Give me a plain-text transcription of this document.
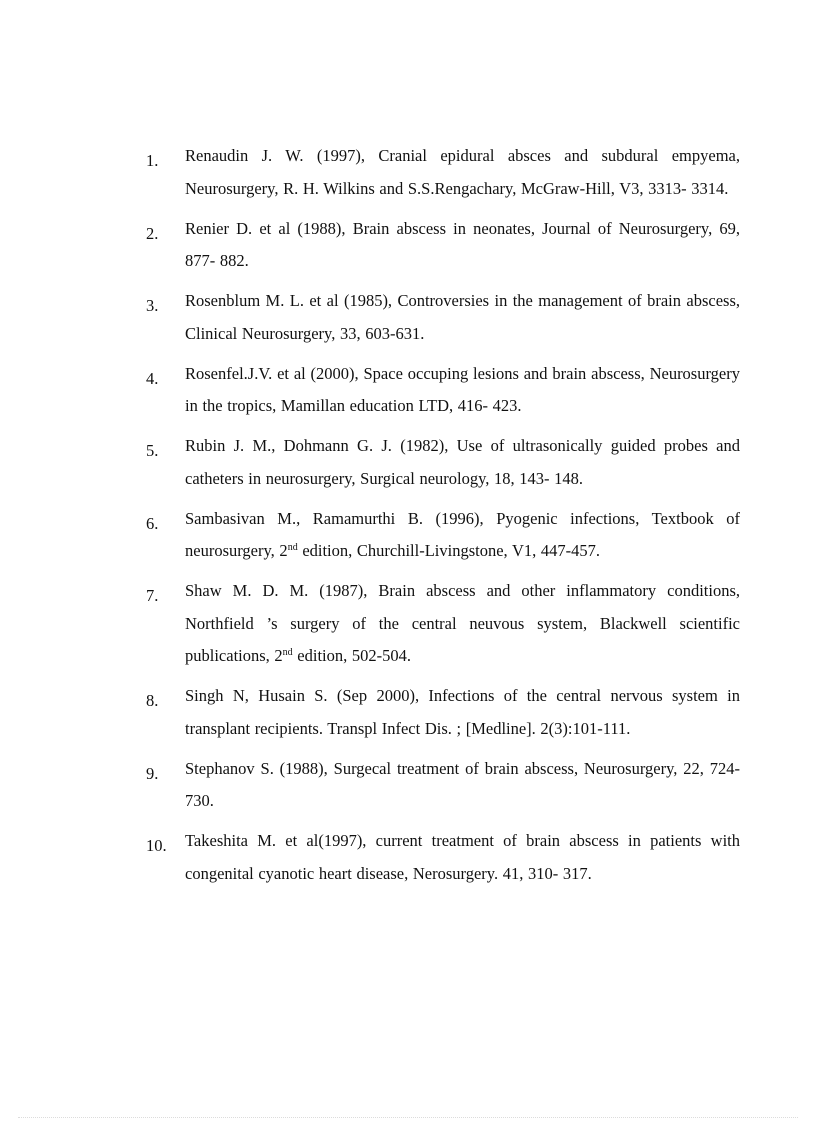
1. Renaudin J. W. (1997), Cranial epidural absces and subdural empyema, Neurosurgery, R. H. Wilkins and S.S.Rengachary, McGraw-Hill, V3, 3313- 3314.
2. Renier D. et al (1988), Brain abscess in neonates, Journal of Neurosurgery, 69, 877- 882.
3. Rosenblum M. L. et al (1985), Controversies in the management of brain abscess, Clinical Neurosurgery, 33, 603-631.
4. Rosenfel.J.V. et al (2000), Space occuping lesions and brain abscess, Neurosurgery in the tropics, Mamillan education LTD, 416- 423.
5. Rubin J. M., Dohmann G. J. (1982), Use of ultrasonically guided probes and catheters in neurosurgery, Surgical neurology, 18, 143- 148.
6. Sambasivan M., Ramamurthi B. (1996), Pyogenic infections, Textbook of neurosurgery, 2nd edition, Churchill-Livingstone, V1, 447-457.
7. Shaw M. D. M. (1987), Brain abscess and other inflammatory conditions, Northfield ’s surgery of the central neuvous system, Blackwell scientific publications, 2nd edition, 502-504.
8. Singh N, Husain S. (Sep 2000), Infections of the central nervous system in transplant recipients. Transpl Infect Dis. ; [Medline]. 2(3):101-111.
9. Stephanov S. (1988), Surgecal treatment of brain abscess, Neurosurgery, 22, 724-730.
10. Takeshita M. et al(1997), current treatment of brain abscess in patients with congenital cyanotic heart disease, Nerosurgery. 41, 310- 317.
